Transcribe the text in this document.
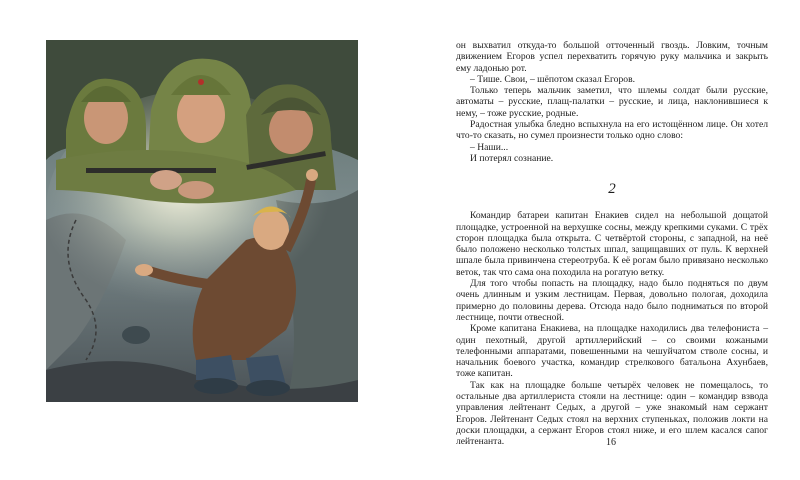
он выхватил откуда-то большой отточенный гвоздь. Ловким, точным движением Егоров успел перехватить горячую руку мальчика и закрыть ему ладонью рот.

– Тише. Свои, – шёпотом сказал Егоров.

Только теперь мальчик заметил, что шлемы солдат были русские, автоматы – русские, плащ-палатки – русские, и лица, наклонившиеся к нему, – тоже русские, родные.

Радостная улыбка бледно вспыхнула на его истощённом лице. Он хотел что-то сказать, но сумел произнести только одно слово:

– Наши...

И потерял сознание.

2

Командир батареи капитан Енакиев сидел на небольшой дощатой площадке, устроенной на верхушке сосны, между крепкими суками. С трёх сторон площадка была открыта. С четвёртой стороны, с западной, на неё было положено несколько толстых шпал, защищавших от пуль. К верхней шпале была привинчена стереотруба. К её рогам было привязано несколько веток, так что сама она походила на рогатую ветку.

Для того чтобы попасть на площадку, надо было подняться по двум очень длинным и узким лестницам. Первая, довольно пологая, доходила примерно до половины дерева. Отсюда надо было подниматься по второй лестнице, почти отвесной.

Кроме капитана Енакиева, на площадке находились два телефониста – один пехотный, другой артиллерийский – со своими кожаными телефонными аппаратами, повешенными на чешуйчатом стволе сосны, и начальник боевого участка, командир стрелкового батальона Ахунбаев, тоже капитан.

Так как на площадке больше четырёх человек не помещалось, то остальные два артиллериста стояли на лестнице: один – командир взвода управления лейтенант Седых, а другой – уже знакомый нам сержант Егоров. Лейтенант Седых стоял на верхних ступеньках, положив локти на доски площадки, а сержант Егоров стоял ниже, и его шлем касался сапог лейтенанта.	16
